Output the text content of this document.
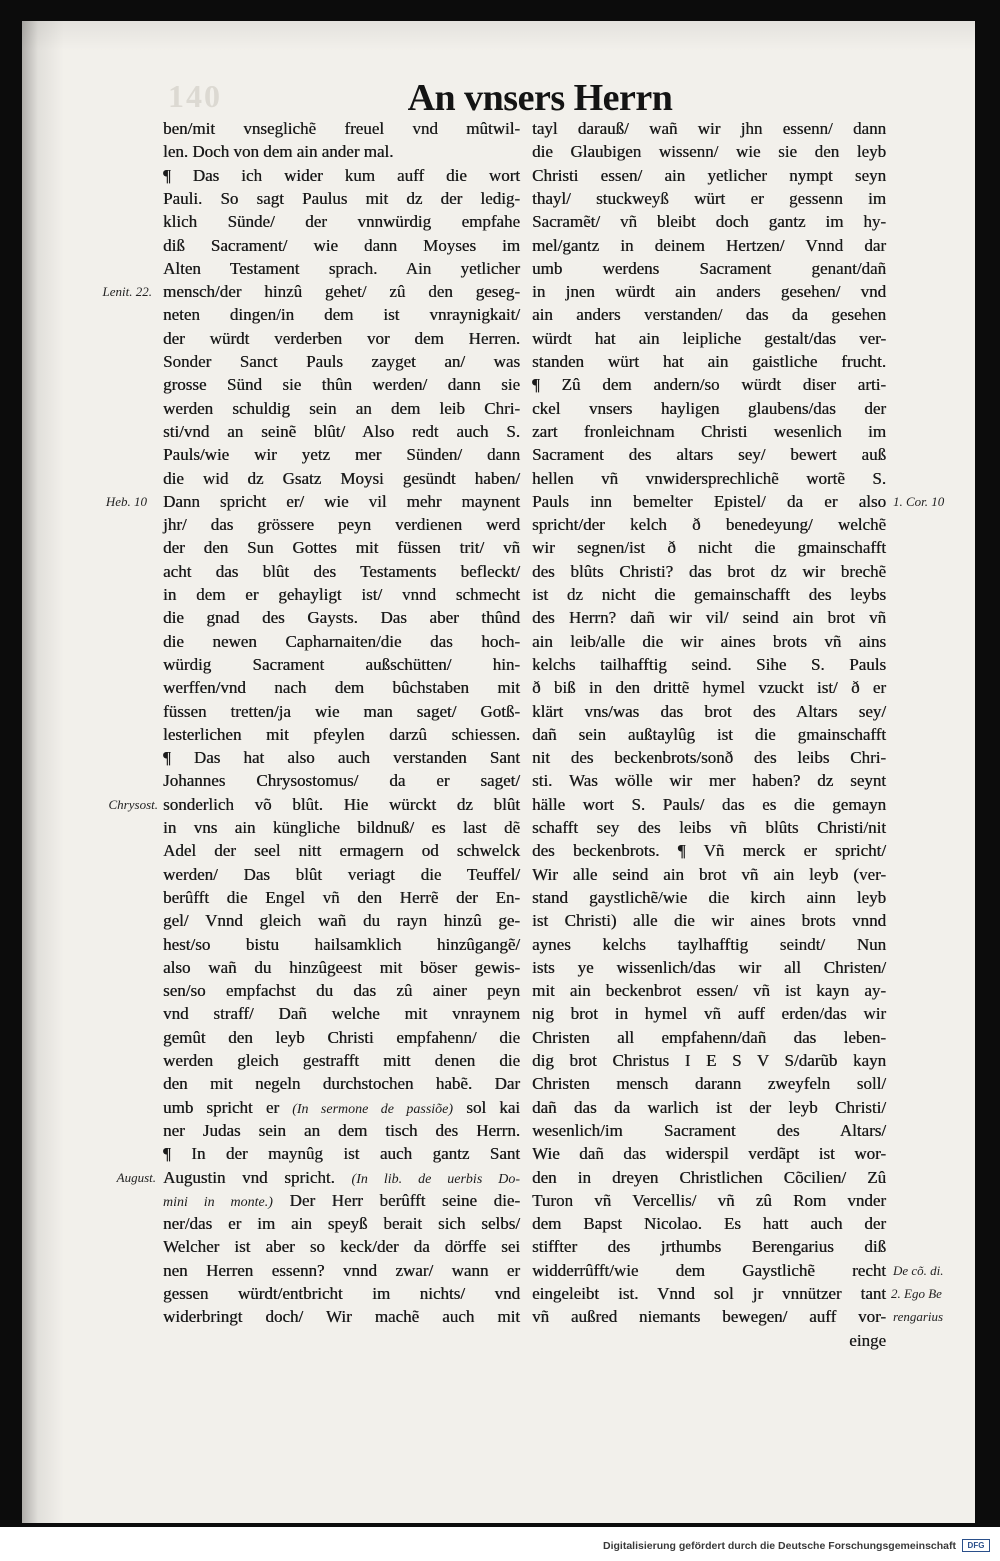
140	An vnsers Herrn
Lenit. 22.
Heb. 10
Chrysost.
August.
ben/mit vnseglichẽ freuel vnd mûtwil-
len. Doch von dem ain ander mal.
¶ Das ich wider kum auff die wort
Pauli. So sagt Paulus mit dz der ledig-
klich Sünde/ der vnnwürdig empfahe
diß Sacrament/ wie dann Moyses im
Alten Testament sprach. Ain yetlicher
mensch/der hinzû gehet/ zû den geseg-
neten dingen/in dem ist vnraynigkait/
der würdt verderben vor dem Herren.
Sonder Sanct Pauls zayget an/ was
grosse Sünd sie thûn werden/ dann sie
werden schuldig sein an dem leib Chri-
sti/vnd an seinẽ blût/ Also redt auch S.
Pauls/wie wir yetz mer Sünden/ dann
die wid dz Gsatz Moysi gesündt haben/
Dann spricht er/ wie vil mehr maynent
jhr/ das grössere peyn verdienen werd
der den Sun Gottes mit füssen trit/ vñ
acht das blût des Testaments befleckt/
in dem er gehayligt ist/ vnnd schmecht
die gnad des Gaysts. Das aber thûnd
die newen Capharnaiten/die das hoch-
würdig Sacrament außschütten/ hin-
werffen/vnd nach dem bûchstaben mit
füssen tretten/ja wie man saget/ Gotß-
lesterlichen mit pfeylen darzû schiessen.
¶ Das hat also auch verstanden Sant
Johannes Chrysostomus/ da er saget/
sonderlich võ blût. Hie würckt dz blût
in vns ain küngliche bildnuß/ es last dẽ
Adel der seel nitt ermagern od schwelck
werden/ Das blût veriagt die Teuffel/
berûfft die Engel vñ den Herrẽ der En-
gel/ Vnnd gleich wañ du rayn hinzû ge-
hest/so bistu hailsamklich hinzûgangẽ/
also wañ du hinzûgeest mit böser gewis-
sen/so empfachst du das zû ainer peyn
vnd straff/ Dañ welche mit vnraynem
gemût den leyb Christi empfahenn/ die
werden gleich gestrafft mitt denen die
den mit negeln durchstochen habẽ. Dar
umb spricht er (In sermone de passiõe) sol kai
ner Judas sein an dem tisch des Herrn.
¶ In der maynûg ist auch gantz Sant
Augustin vnd spricht. (In lib. de uerbis Do-
mini in monte.) Der Herr berûfft seine die-
ner/das er im ain speyß berait sich selbs/
Welcher ist aber so keck/der da dörffe sei
nen Herren essenn? vnnd zwar/ wann er
gessen würdt/entbricht im nichts/ vnd
widerbringt doch/ Wir machẽ auch mit
einge
tayl darauß/ wañ wir jhn essenn/ dann
die Glaubigen wissenn/ wie sie den leyb
Christi essen/ ain yetlicher nympt seyn
thayl/ stuckweyß würt er gessenn im
Sacramẽt/ vñ bleibt doch gantz im hy-
mel/gantz in deinem Hertzen/ Vnnd dar
umb werdens Sacrament genant/dañ
in jnen würdt ain anders gesehen/ vnd
ain anders verstanden/ das da gesehen
würdt hat ain leipliche gestalt/das ver-
standen würt hat ain gaistliche frucht.
¶ Zû dem andern/so würdt diser arti-
ckel vnsers hayligen glaubens/das der
zart fronleichnam Christi wesenlich im
Sacrament des altars sey/ bewert auß
hellen vñ vnwidersprechlichẽ wortẽ S.
Pauls inn bemelter Epistel/ da er also
spricht/der kelch ð benedeyung/ welchẽ
wir segnen/ist ð nicht die gmainschafft
des blûts Christi? das brot dz wir brechẽ
ist dz nicht die gemainschafft des leybs
des Herrn? dañ wir vil/ seind ain brot vñ
ain leib/alle die wir aines brots vñ ains
kelchs tailhafftig seind. Sihe S. Pauls
ð biß in den drittẽ hymel vzuckt ist/ ð er
klärt vns/was das brot des Altars sey/
dañ sein außtaylûg ist die gmainschafft
nit des beckenbrots/sonð des leibs Chri-
sti. Was wölle wir mer haben? dz seynt
hälle wort S. Pauls/ das es die gemayn
schafft sey des leibs vñ blûts Christi/nit
des beckenbrots. ¶ Vñ merck er spricht/
Wir alle seind ain brot vñ ain leyb (ver-
stand gaystlichẽ/wie die kirch ainn leyb
ist Christi) alle die wir aines brots vnnd
aynes kelchs taylhafftig seindt/ Nun
ists ye wissenlich/das wir all Christen/
mit ain beckenbrot essen/ vñ ist kayn ay-
nig brot in hymel vñ auff erden/das wir
Christen all empfahenn/dañ das leben-
dig brot Christus I E S V S/darũb kayn
Christen mensch darann zweyfeln soll/
dañ das da warlich ist der leyb Christi/
wesenlich/im Sacrament des Altars/
Wie dañ das widerspil verdãpt ist wor-
den in dreyen Christlichen Cõcilien/ Zû
Turon vñ Vercellis/ vñ zû Rom vnder
dem Bapst Nicolao. Es hatt auch der
stiffter des jrthumbs Berengarius diß
widderrûfft/wie dem Gaystlichẽ recht
eingeleibt ist. Vnnd sol jr vnnützer tant
vñ außred niemants bewegen/ auff vor-
1. Cor. 10
De cõ. di.
2. Ego Be
rengarius
Digitalisierung gefördert durch die Deutsche Forschungsgemeinschaft	DFG
